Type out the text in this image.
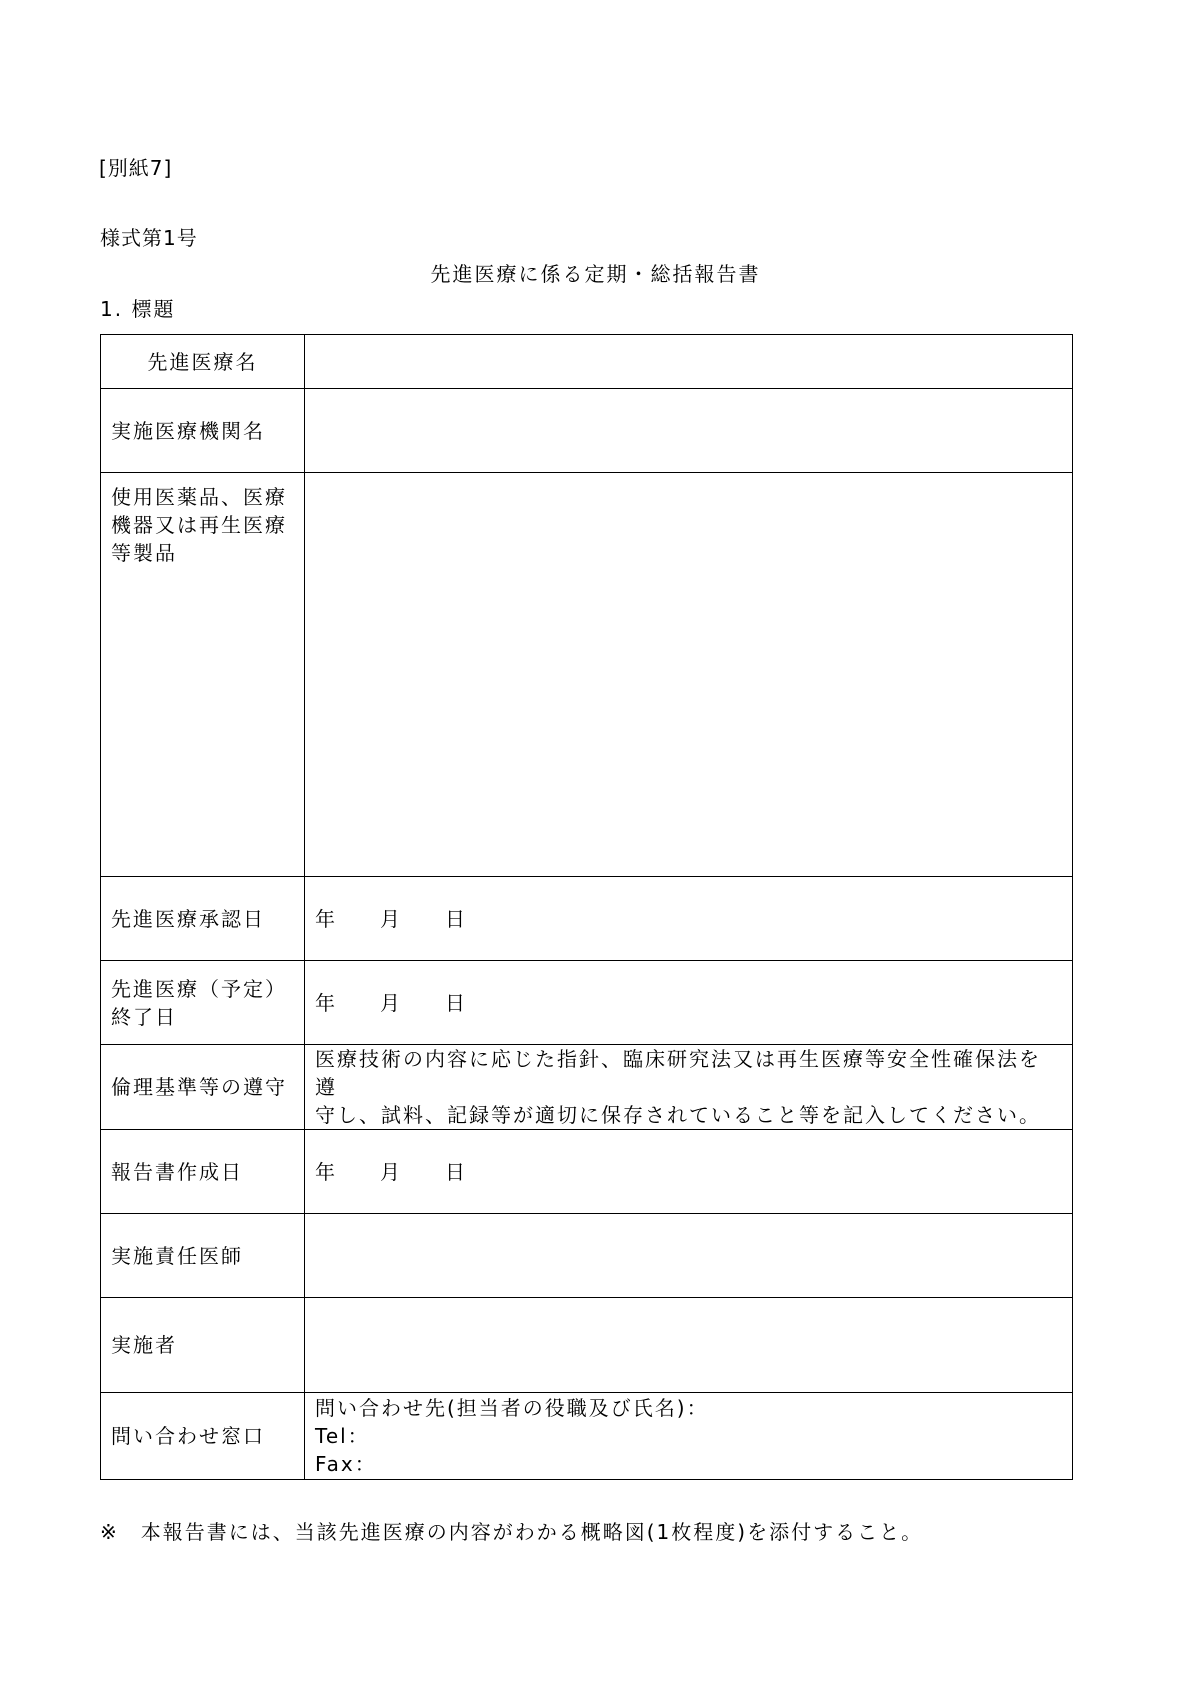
[別紙7]
様式第1号
先進医療に係る定期・総括報告書
1. 標題
先進医療名	
実施医療機関名	

使用医薬品、医療
機器又は再生医療
等製品	

先進医療承認日	年 月 日

先進医療（予定）
終了日	年 月 日
倫理基準等の遵守	医療技術の内容に応じた指針、臨床研究法又は再生医療等安全性確保法を遵
守し、試料、記録等が適切に保存されていること等を記入してください。

報告書作成日	年 月 日
実施責任医師	
実施者	
問い合わせ窓口	問い合わせ先(担当者の役職及び氏名)：
Tel：
Fax：
※　本報告書には、当該先進医療の内容がわかる概略図(1枚程度)を添付すること。
